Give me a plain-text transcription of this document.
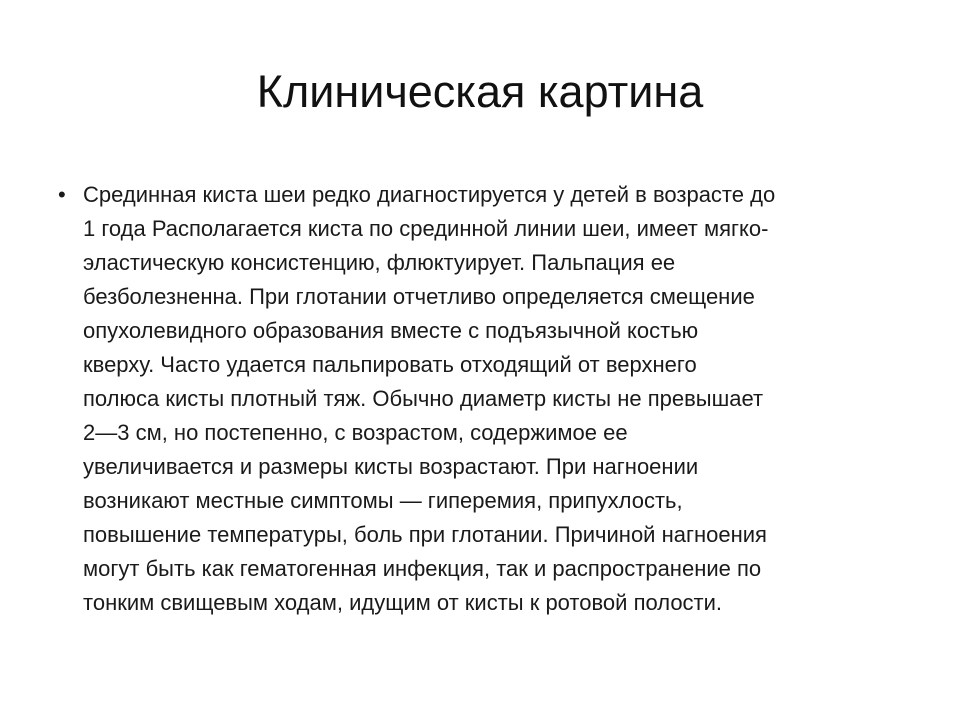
Клиническая картина
• Срединная киста шеи редко диагностируется у детей в возрасте до
1 года Располагается киста по срединной линии шеи, имеет мягко-
эластическую консистенцию, флюктуирует. Пальпация ее
безболезненна. При глотании отчетливо определяется смещение
опухолевидного образования вместе с подъязычной костью
кверху. Часто удается пальпировать отходящий от верхнего
полюса кисты плотный тяж. Обычно диаметр кисты не превышает
2—3 см, но постепенно, с возрастом, содержимое ее
увеличивается и размеры кисты возрастают. При нагноении
возникают местные симптомы — гиперемия, припухлость,
повышение температуры, боль при глотании. Причиной нагноения
могут быть как гематогенная инфекция, так и распространение по
тонким свищевым ходам, идущим от кисты к ротовой полости.
